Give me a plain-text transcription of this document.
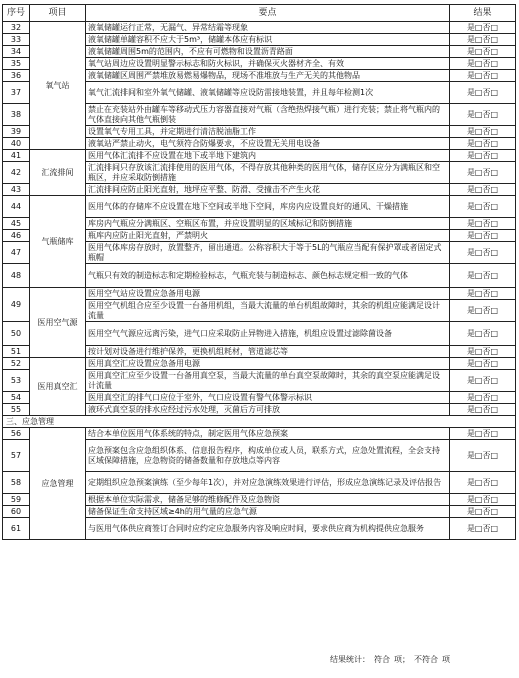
序号	项目	要点	结果
32	氧气站	液氧储罐运行正常，无漏气、异常结霜等现象	是□否□
33		液氧储罐单罐容积不应大于5m³，储罐本体应有标识	是□否□
34		液氧储罐周围5m的范围内，不应有可燃物和设置沥青路面	是□否□
35		氧气站周边应设置明显警示标志和防火标识，并确保灭火器材齐全、有效	是□否□
36		液氧储罐区周围严禁堆放易燃易爆物品，现场不准堆放与生产无关的其他物品	是□否□
37		氧气汇流排间和室外氧气储罐、液氧储罐等应设防雷接地装置，并且每年检测1次	是□否□
38		禁止在充装站外由罐车等移动式压力容器直接对气瓶（含绝热焊接气瓶）进行充装；禁止将气瓶内的气体直接向其他气瓶倒装	是□否□
39		设置氧气专用工具，并定期进行清洁脱油脂工作	是□否□
40		液氧站严禁止动火，电气须符合防爆要求，不应设置无关用电设备	是□否□
41	汇流排间	医用气体汇流排不应设置在地下或半地下建筑内	是□否□
42		汇流排间只存放该汇流排使用的医用气体，不得存放其他种类的医用气体，储存区应分为满瓶区和空瓶区，并应采取防倒措施	是□否□
43		汇流排间应防止阳光直射，地坪应平整、防滑、受撞击不产生火花	是□否□
44	气瓶储库	医用气体的存储库不应设置在地下空间或半地下空间，库房内应设置良好的通风、干燥措施	是□否□
45		库房内气瓶应分满瓶区、空瓶区布置，并应设置明显的区域标记和防倒措施	是□否□
46		瓶库内应防止阳光直射，严禁明火	是□否□
47		医用气体库房存放时，放置整齐，留出通道。公称容积大于等于5L的气瓶应当配有保护罩或者固定式瓶帽	是□否□
48		气瓶只有效的制造标志和定期检验标志，气瓶充装与制造标志、颜色标志规定相一致的气体	是□否□
49	医用空气源	医用空气站应设置应急备用电源	是□否□
		医用空气机组合应至少设置一台备用机组，当最大流量的单台机组故障时，其余的机组应能满足设计流量	是□否□
50		医用空气气源应远离污染，进气口应采取防止异物进入措施，机组应设置过滤除菌设备	是□否□
51		按计划对设备进行维护保养，更换机组耗材，管道滤芯等	是□否□
52	医用真空汇	医用真空汇应设置应急备用电源	是□否□
53		医用真空汇应至少设置一台备用真空泵，当最大流量的单台真空泵故障时，其余的真空泵应能满足设计流量	是□否□
54		医用真空汇的排气口应位于室外，气口应设置有警气体警示标识	是□否□
55		液环式真空泵的排水应经过污水处理，灭菌后方可排放	是□否□
三、应急管理			
56	应急管理	结合本单位医用气体系统的特点，制定医用气体应急预案	是□否□
57		应急预案包含应急组织体系、信息报告程序，构成单位或人员，联系方式，应急处置流程，全会支持区域保障措施，应急物资的储备数量和存放地点等内容	是□否□
58		定期组织应急预案演练（至少每年1次），并对应急演练效果进行评估，形成应急演练记录及评估报告	是□否□
59		根据本单位实际需求，储备足够的维修配件及应急物资	是□否□
60		储备保证生命支持区域≥4h的用气量的应急气源	是□否□
61		与医用气体供应商签订合同时应约定应急服务内容及响应时间，要求供应商为机构提供应急服务	是□否□
结果统计： 符合 项； 不符合 项
